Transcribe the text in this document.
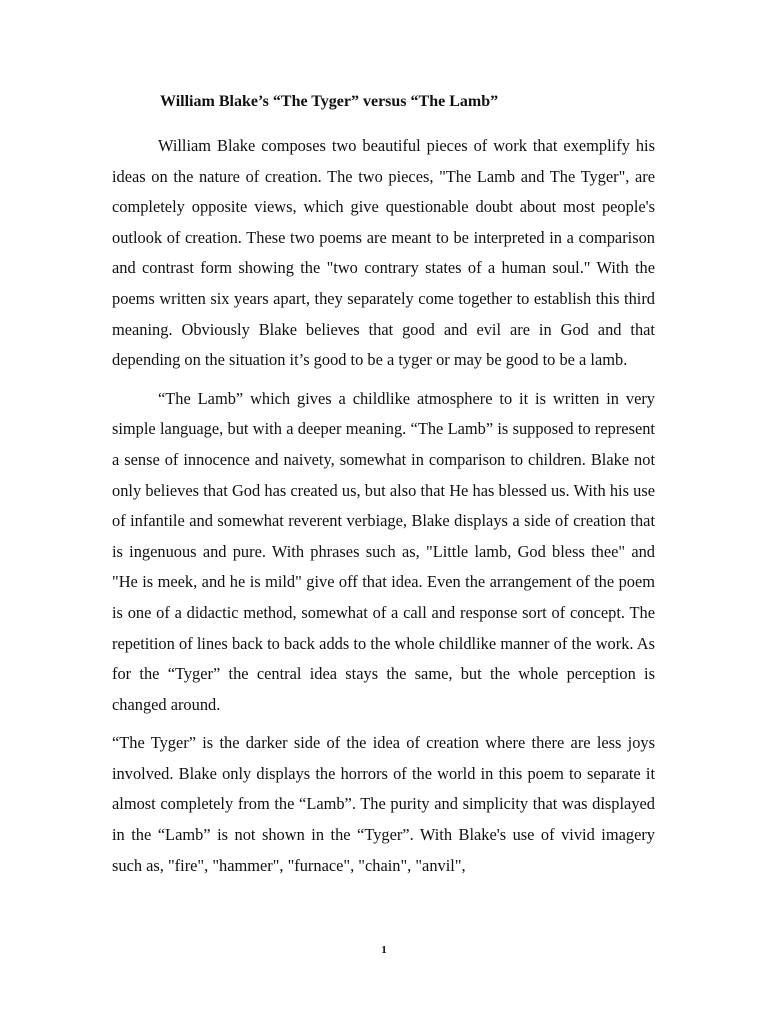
William Blake’s “The Tyger” versus “The Lamb”

William Blake composes two beautiful pieces of work that exemplify his ideas on the nature of creation. The two pieces, "The Lamb and The Tyger", are completely opposite views, which give questionable doubt about most people's outlook of creation. These two poems are meant to be interpreted in a comparison and contrast form showing the "two contrary states of a human soul." With the poems written six years apart, they separately come together to establish this third meaning. Obviously Blake believes that good and evil are in God and that depending on the situation it’s good to be a tyger or may be good to be a lamb.

“The Lamb” which gives a childlike atmosphere to it is written in very simple language, but with a deeper meaning. “The Lamb” is supposed to represent a sense of innocence and naivety, somewhat in comparison to children. Blake not only believes that God has created us, but also that He has blessed us. With his use of infantile and somewhat reverent verbiage, Blake displays a side of creation that is ingenuous and pure. With phrases such as, "Little lamb, God bless thee" and "He is meek, and he is mild" give off that idea. Even the arrangement of the poem is one of a didactic method, somewhat of a call and response sort of concept. The repetition of lines back to back adds to the whole childlike manner of the work. As for the “Tyger” the central idea stays the same, but the whole perception is changed around.

“The Tyger” is the darker side of the idea of creation where there are less joys involved. Blake only displays the horrors of the world in this poem to separate it almost completely from the “Lamb”. The purity and simplicity that was displayed in the “Lamb” is not shown in the “Tyger”. With Blake's use of vivid imagery such as, "fire", "hammer", "furnace", "chain", "anvil",

1
